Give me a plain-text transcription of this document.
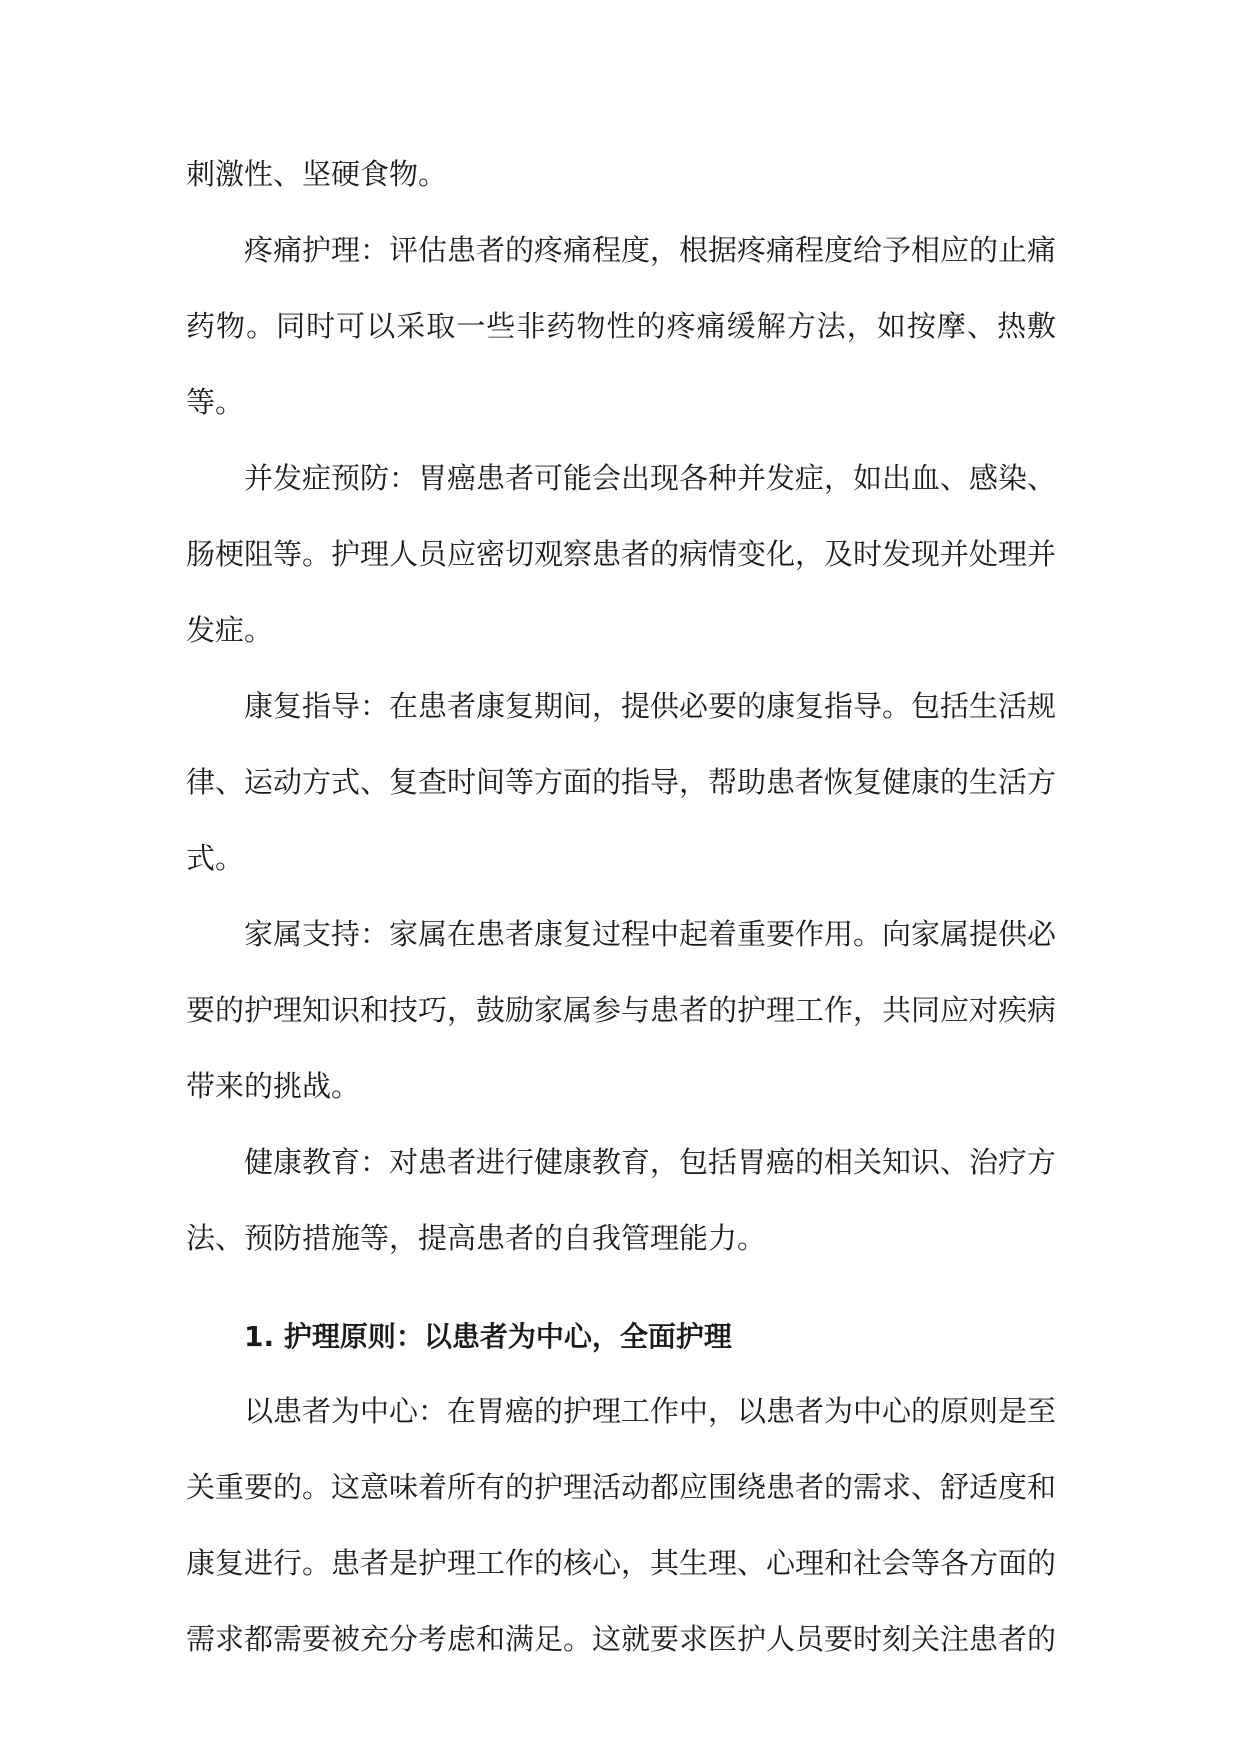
刺激性、坚硬食物。

疼痛护理：评估患者的疼痛程度，根据疼痛程度给予相应的止痛药物。同时可以采取一些非药物性的疼痛缓解方法，如按摩、热敷等。

并发症预防：胃癌患者可能会出现各种并发症，如出血、感染、肠梗阻等。护理人员应密切观察患者的病情变化，及时发现并处理并发症。

康复指导：在患者康复期间，提供必要的康复指导。包括生活规律、运动方式、复查时间等方面的指导，帮助患者恢复健康的生活方式。

家属支持：家属在患者康复过程中起着重要作用。向家属提供必要的护理知识和技巧，鼓励家属参与患者的护理工作，共同应对疾病带来的挑战。

健康教育：对患者进行健康教育，包括胃癌的相关知识、治疗方法、预防措施等，提高患者的自我管理能力。

1. 护理原则：以患者为中心，全面护理

以患者为中心：在胃癌的护理工作中，以患者为中心的原则是至关重要的。这意味着所有的护理活动都应围绕患者的需求、舒适度和康复进行。患者是护理工作的核心，其生理、心理和社会等各方面的需求都需要被充分考虑和满足。这就要求医护人员要时刻关注患者的
